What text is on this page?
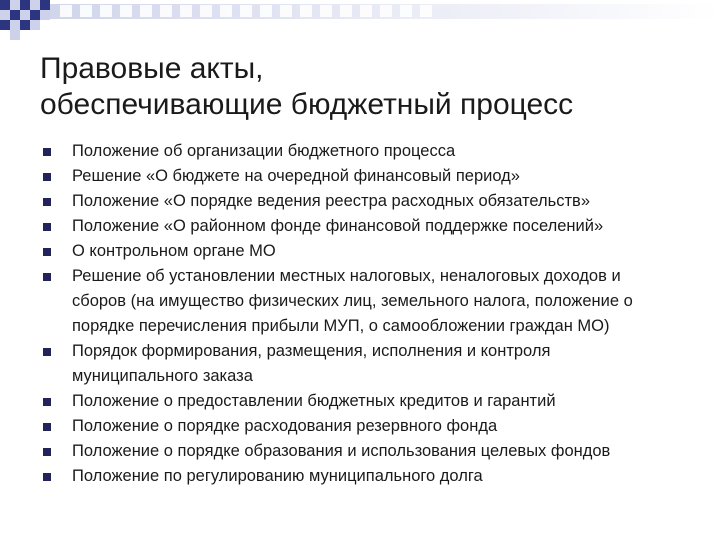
Правовые акты,
обеспечивающие бюджетный процесс
Положение об организации бюджетного процесса
Решение «О бюджете на очередной финансовый период»
Положение «О порядке ведения реестра расходных обязательств»
Положение «О районном фонде финансовой поддержке поселений»
О контрольном органе МО
Решение об установлении местных налоговых, неналоговых доходов и
сборов (на имущество физических лиц, земельного налога, положение о
порядке перечисления прибыли МУП, о самообложении граждан МО)
Порядок формирования, размещения, исполнения и контроля
муниципального заказа
Положение о предоставлении бюджетных кредитов и гарантий
Положение о порядке расходования резервного фонда
Положение о порядке образования и использования целевых фондов
Положение по регулированию муниципального долга
